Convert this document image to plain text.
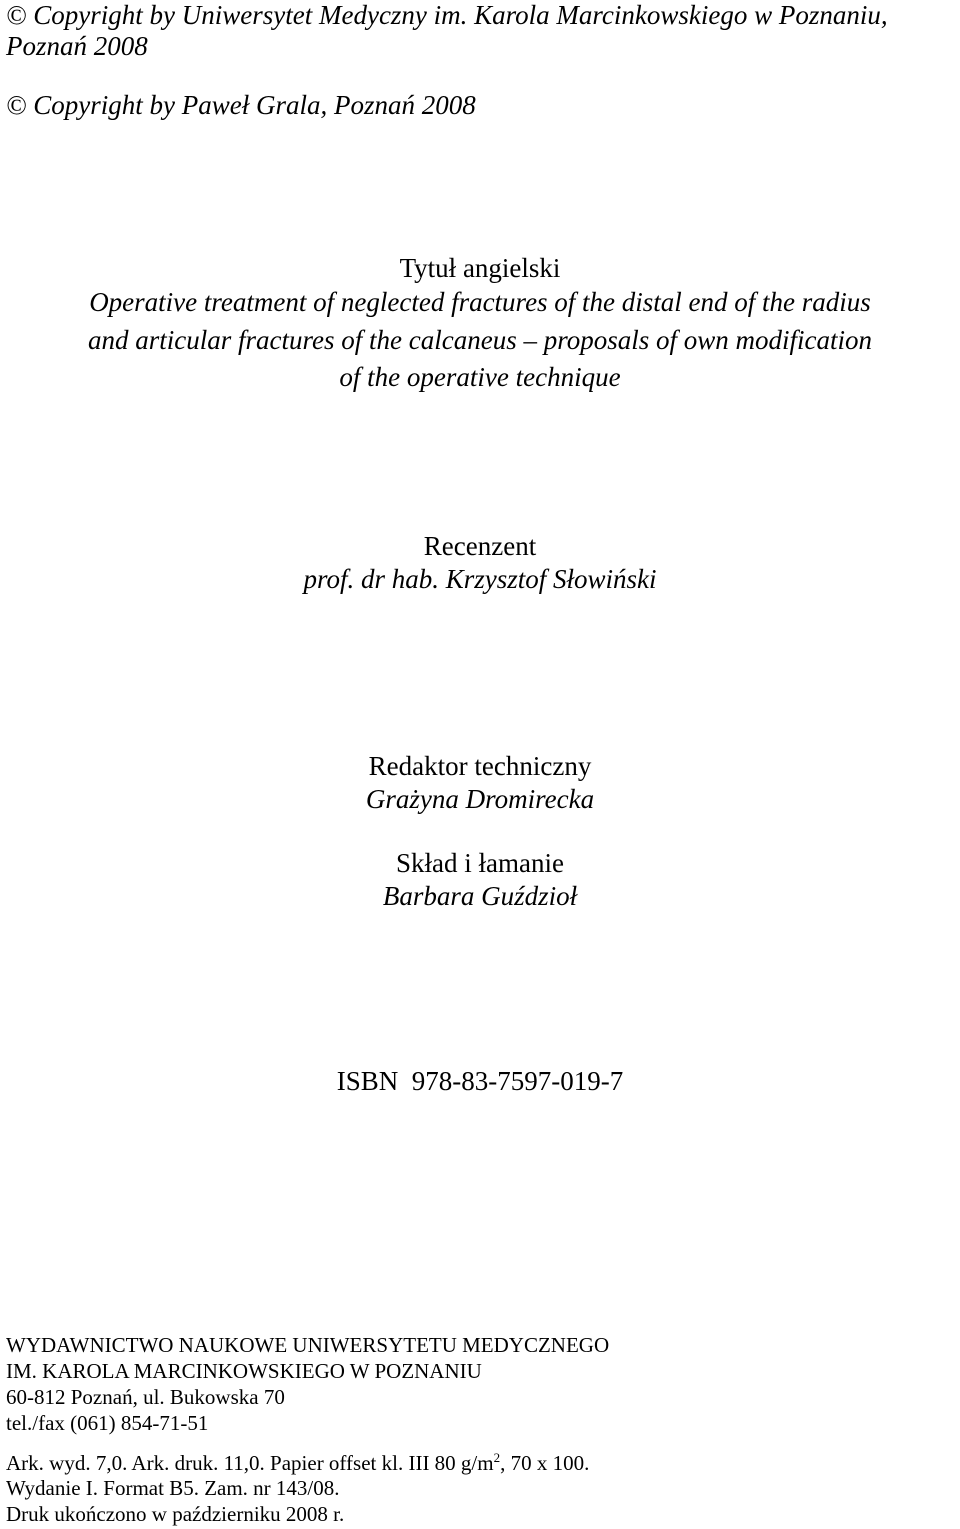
© Copyright by Uniwersytet Medyczny im. Karola Marcinkowskiego w Poznaniu,
Poznań 2008
© Copyright by Paweł Grala, Poznań 2008
Tytuł angielski
Operative treatment of neglected fractures of the distal end of the radius
and articular fractures of the calcaneus – proposals of own modification
of the operative technique
Recenzent
prof. dr hab. Krzysztof Słowiński
Redaktor techniczny
Grażyna Dromirecka
Skład i łamanie
Barbara Guździoł
ISBN  978-83-7597-019-7
WYDAWNICTWO NAUKOWE UNIWERSYTETU MEDYCZNEGO
IM. KAROLA MARCINKOWSKIEGO W POZNANIU
60-812 Poznań, ul. Bukowska 70
tel./fax (061) 854-71-51
Ark. wyd. 7,0. Ark. druk. 11,0. Papier offset kl. III 80 $g/m^2$, 70 x 100.
Wydanie I. Format B5. Zam. nr 143/08.
Druk ukończono w październiku 2008 r.
